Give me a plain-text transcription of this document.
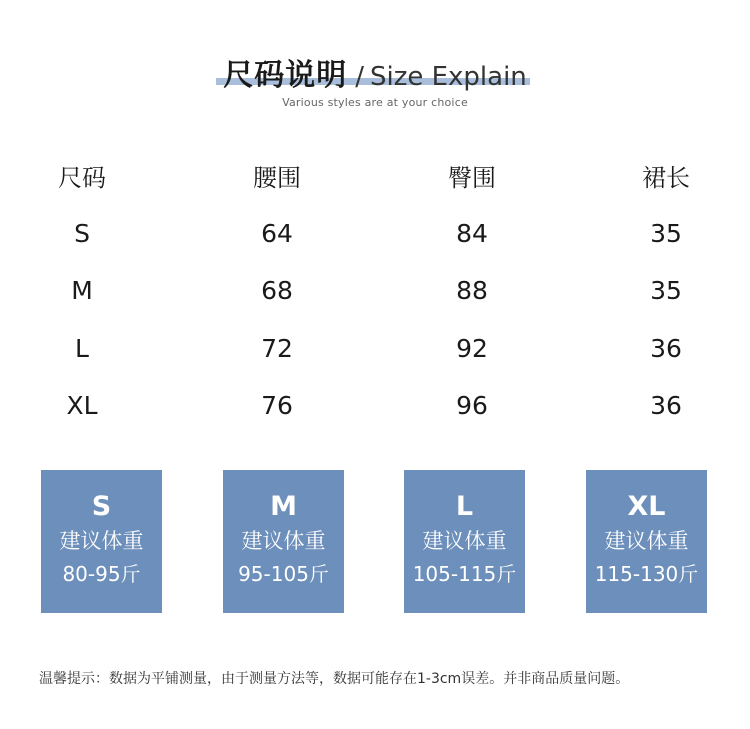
尺码说明 / Size Explain
Various styles are at your choice
尺码	腰围	臀围	裙长
S	64	84	35
M	68	88	35
L	72	92	36
XL	76	96	36
S
建议体重
80-95斤
M
建议体重
95-105斤
L
建议体重
105-115斤
XL
建议体重
115-130斤
温馨提示：数据为平铺测量，由于测量方法等，数据可能存在1-3cm误差。并非商品质量问题。
